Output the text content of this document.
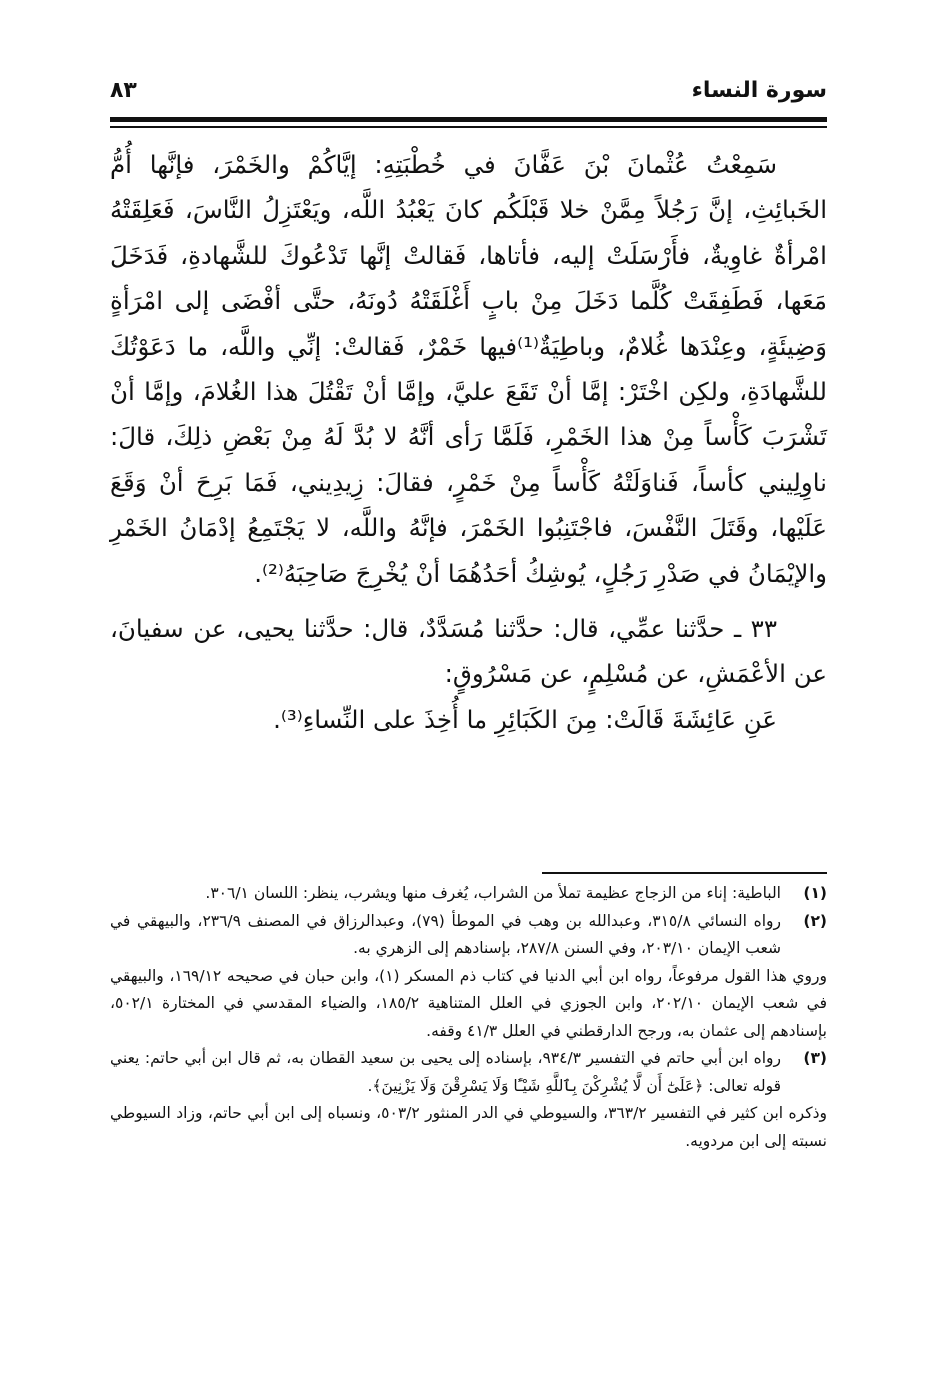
سورة النساء
٨٣

سَمِعْتُ عُثْمانَ بْنَ عَفَّانَ في خُطْبَتِهِ: إيَّاكُمْ والخَمْرَ، فإنَّها أُمُّ الخَبائِثِ، إنَّ رَجُلاً مِمَّنْ خلا قَبْلَكُم كانَ يَعْبُدُ اللَّه، ويَعْتَزِلُ النَّاسَ، فَعَلِقَتْهُ امْرأةٌ غاوِيةٌ، فأَرْسَلَتْ إليه، فأتاها، فَقالتْ إنَّها تَدْعُوكَ للشَّهادةِ، فَدَخَلَ مَعَها، فَطَفِقَتْ كُلَّما دَخَلَ مِنْ بابٍ أَغْلَقَتْهُ دُونَهُ، حتَّى أفْضَى إلى امْرَأةٍ وَضِيئَةٍ، وعِنْدَها غُلامٌ، وباطِيَةٌ⁽¹⁾فيها خَمْرٌ، فَقالتْ: إنِّي واللَّه، ما دَعَوْتُكَ للشَّهادَةِ، ولكِن اخْتَرْ: إمَّا أنْ تَقَعَ عليَّ، وإمَّا أنْ تَقْتُلَ هذا الغُلامَ، وإمَّا أنْ تَشْرَبَ كَأْساً مِنْ هذا الخَمْرِ، فَلَمَّا رَأى أنَّهُ لا بُدَّ لَهُ مِنْ بَعْضِ ذلِكَ، قالَ: ناوِلِيني كأساً، فَناوَلَتْهُ كَأْساً مِنْ خَمْرٍ، فقالَ: زِيدِيني، فَمَا بَرِحَ أنْ وَقَعَ عَلَيْها، وقَتَلَ النَّفْسَ، فاجْتَنِبُوا الخَمْرَ، فإنَّهُ واللَّه، لا يَجْتَمِعُ إدْمَانُ الخَمْرِ والإيْمَانُ في صَدْرِ رَجُلٍ، يُوشِكُ أحَدُهُمَا أنْ يُخْرِجَ صَاحِبَهُ⁽²⁾.

٣٣ ـ حدَّثنا عمِّي، قال: حدَّثنا مُسَدَّدٌ، قال: حدَّثنا يحيى، عن سفيانَ، عن الأعْمَشِ، عن مُسْلِمٍ، عن مَسْرُوقٍ:

عَنِ عَائِشَةَ قَالَتْ: مِنَ الكَبَائِرِ ما أُخِذَ على النِّساءِ⁽³⁾.

(١)
الباطية: إناء من الزجاج عظيمة تملأ من الشراب، يُغرف منها ويشرب، ينظر: اللسان ٣٠٦/١.

(٢)
رواه النسائي ٣١٥/٨، وعبدالله بن وهب في الموطأ (٧٩)، وعبدالرزاق في المصنف ٢٣٦/٩، والبيهقي في شعب الإيمان ٢٠٣/١٠، وفي السنن ٢٨٧/٨، بإسنادهم إلى الزهري به.

وروي هذا القول مرفوعاً، رواه ابن أبي الدنيا في كتاب ذم المسكر (١)، وابن حبان في صحيحه ١٦٩/١٢، والبيهقي في شعب الإيمان ٢٠٢/١٠، وابن الجوزي في العلل المتناهية ١٨٥/٢، والضياء المقدسي في المختارة ٥٠٢/١، بإسنادهم إلى عثمان به، ورجح الدارقطني في العلل ٤١/٣ وقفه.

(٣)
رواه ابن أبي حاتم في التفسير ٩٣٤/٣، بإسناده إلى يحيى بن سعيد القطان به، ثم قال ابن أبي حاتم: يعني قوله تعالى: ﴿عَلَىٰٓ أَن لَّا يُشْرِكْنَ بِٱللَّهِ شَيْـًٔا وَلَا يَسْرِقْنَ وَلَا يَزْنِينَ﴾.

وذكره ابن كثير في التفسير ٣٦٣/٢، والسيوطي في الدر المنثور ٥٠٣/٢، ونسباه إلى ابن أبي حاتم، وزاد السيوطي نسبته إلى ابن مردويه.
